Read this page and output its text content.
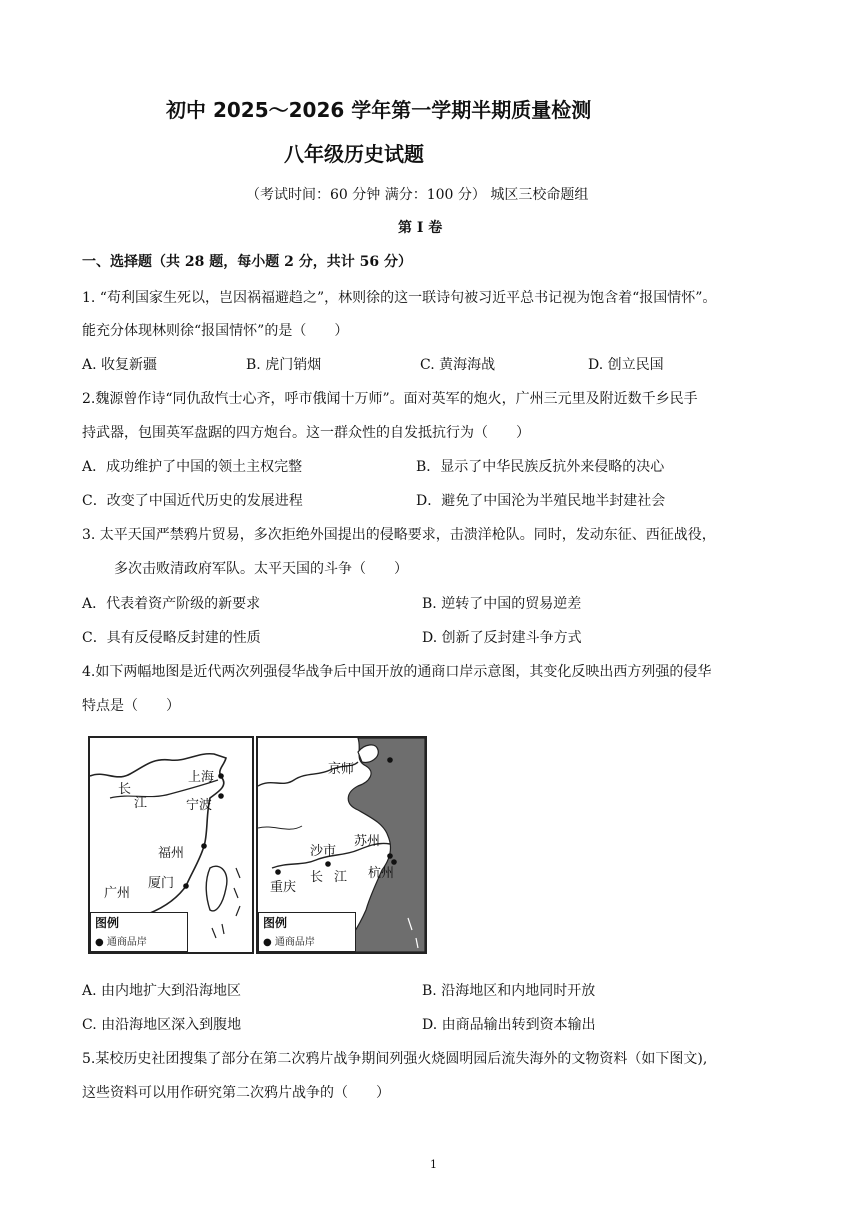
初中 2025～2026 学年第一学期半期质量检测
八年级历史试题
（考试时间：60 分钟 满分：100 分） 城区三校命题组
第 Ⅰ 卷
一、选择题（共 28 题，每小题 2 分，共计 56 分）
1. “苟利国家生死以，岂因祸福避趋之”，林则徐的这一联诗句被习近平总书记视为饱含着“报国情怀”。
能充分体现林则徐“报国情怀”的是（　　）
A. 收复新疆	B. 虎门销烟	C. 黄海海战	D. 创立民国
2.魏源曾作诗“同仇敌忾士心齐，呼市俄闻十万师”。面对英军的炮火，广州三元里及附近数千乡民手
持武器，包围英军盘踞的四方炮台。这一群众性的自发抵抗行为（　　）
A．成功维护了中国的领土主权完整	B．显示了中华民族反抗外来侵略的决心
C．改变了中国近代历史的发展进程	D．避免了中国沦为半殖民地半封建社会
3. 太平天国严禁鸦片贸易，多次拒绝外国提出的侵略要求，击溃洋枪队。同时，发动东征、西征战役，
多次击败清政府军队。太平天国的斗争（　　）
A．代表着资产阶级的新要求	B. 逆转了中国的贸易逆差
C．具有反侵略反封建的性质	D. 创新了反封建斗争方式
4.如下两幅地图是近代两次列强侵华战争后中国开放的通商口岸示意图，其变化反映出西方列强的侵华
特点是（　　）
上海
长
江	宁波
福州
厦门
广州
图例
● 通商品岸
京师
苏州
沙市
重庆
长 江 杭州
图例
● 通商品岸
A. 由内地扩大到沿海地区	B. 沿海地区和内地同时开放
C. 由沿海地区深入到腹地	D. 由商品输出转到资本输出
5.某校历史社团搜集了部分在第二次鸦片战争期间列强火烧圆明园后流失海外的文物资料（如下图文),
这些资料可以用作研究第二次鸦片战争的（　　）
1
